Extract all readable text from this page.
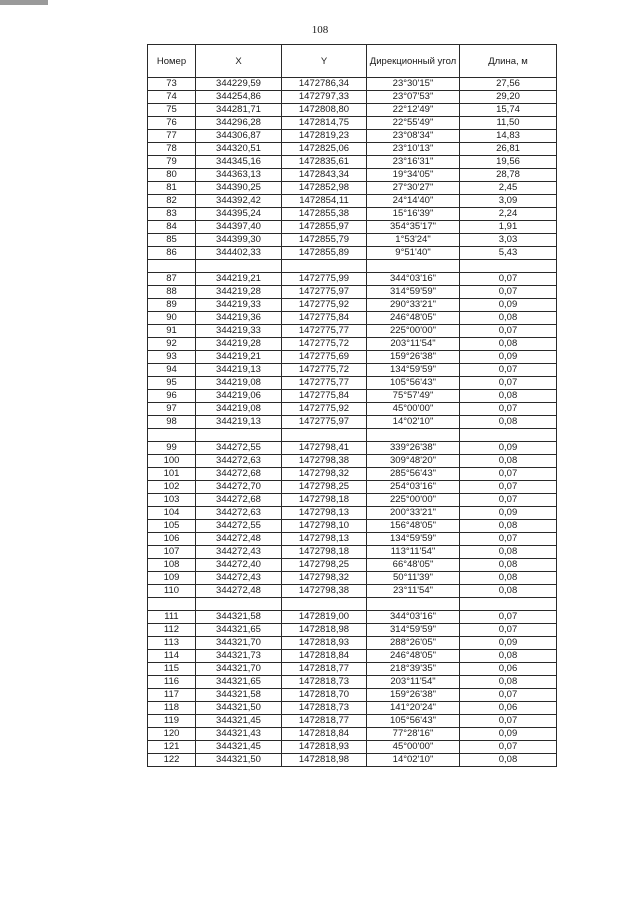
108
Номер	X	Y	Дирекционный угол	Длина, м
73	344229,59	1472786,34	23°30'15"	27,56
74	344254,86	1472797,33	23°07'53"	29,20
75	344281,71	1472808,80	22°12'49"	15,74
76	344296,28	1472814,75	22°55'49"	11,50
77	344306,87	1472819,23	23°08'34"	14,83
78	344320,51	1472825,06	23°10'13"	26,81
79	344345,16	1472835,61	23°16'31"	19,56
80	344363,13	1472843,34	19°34'05"	28,78
81	344390,25	1472852,98	27°30'27"	2,45
82	344392,42	1472854,11	24°14'40"	3,09
83	344395,24	1472855,38	15°16'39"	2,24
84	344397,40	1472855,97	354°35'17"	1,91
85	344399,30	1472855,79	1°53'24"	3,03
86	344402,33	1472855,89	9°51'40"	5,43

87	344219,21	1472775,99	344°03'16"	0,07
88	344219,28	1472775,97	314°59'59"	0,07
89	344219,33	1472775,92	290°33'21"	0,09
90	344219,36	1472775,84	246°48'05"	0,08
91	344219,33	1472775,77	225°00'00"	0,07
92	344219,28	1472775,72	203°11'54"	0,08
93	344219,21	1472775,69	159°26'38"	0,09
94	344219,13	1472775,72	134°59'59"	0,07
95	344219,08	1472775,77	105°56'43"	0,07
96	344219,06	1472775,84	75°57'49"	0,08
97	344219,08	1472775,92	45°00'00"	0,07
98	344219,13	1472775,97	14°02'10"	0,08

99	344272,55	1472798,41	339°26'38"	0,09
100	344272,63	1472798,38	309°48'20"	0,08
101	344272,68	1472798,32	285°56'43"	0,07
102	344272,70	1472798,25	254°03'16"	0,07
103	344272,68	1472798,18	225°00'00"	0,07
104	344272,63	1472798,13	200°33'21"	0,09
105	344272,55	1472798,10	156°48'05"	0,08
106	344272,48	1472798,13	134°59'59"	0,07
107	344272,43	1472798,18	113°11'54"	0,08
108	344272,40	1472798,25	66°48'05"	0,08
109	344272,43	1472798,32	50°11'39"	0,08
110	344272,48	1472798,38	23°11'54"	0,08

111	344321,58	1472819,00	344°03'16"	0,07
112	344321,65	1472818,98	314°59'59"	0,07
113	344321,70	1472818,93	288°26'05"	0,09
114	344321,73	1472818,84	246°48'05"	0,08
115	344321,70	1472818,77	218°39'35"	0,06
116	344321,65	1472818,73	203°11'54"	0,08
117	344321,58	1472818,70	159°26'38"	0,07
118	344321,50	1472818,73	141°20'24"	0,06
119	344321,45	1472818,77	105°56'43"	0,07
120	344321,43	1472818,84	77°28'16"	0,09
121	344321,45	1472818,93	45°00'00"	0,07
122	344321,50	1472818,98	14°02'10"	0,08
